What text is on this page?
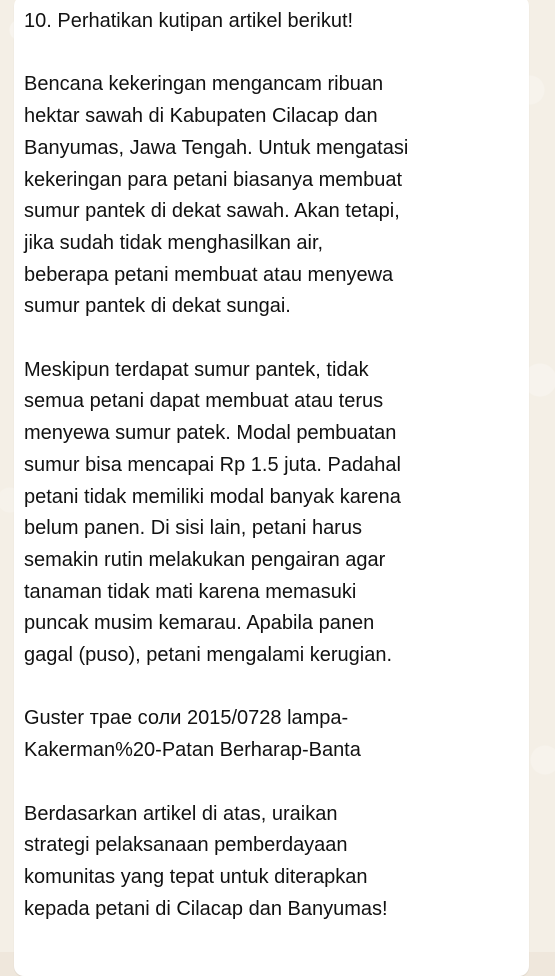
10. Perhatikan kutipan artikel berikut!
Bencana kekeringan mengancam ribuan
hektar sawah di Kabupaten Cilacap dan
Banyumas, Jawa Tengah. Untuk mengatasi
kekeringan para petani biasanya membuat
sumur pantek di dekat sawah. Akan tetapi,
jika sudah tidak menghasilkan air,
beberapa petani membuat atau menyewa
sumur pantek di dekat sungai.
Meskipun terdapat sumur pantek, tidak
semua petani dapat membuat atau terus
menyewa sumur patek. Modal pembuatan
sumur bisa mencapai Rp 1.5 juta. Padahal
petani tidak memiliki modal banyak karena
belum panen. Di sisi lain, petani harus
semakin rutin melakukan pengairan agar
tanaman tidak mati karena memasuki
puncak musim kemarau. Apabila panen
gagal (puso), petani mengalami kerugian.
Guster трае соли 2015/0728 lampa-
Kakerman%20-Patan Berharap-Banta
Berdasarkan artikel di atas, uraikan
strategi pelaksanaan pemberdayaan
komunitas yang tepat untuk diterapkan
kepada petani di Cilacap dan Banyumas!
